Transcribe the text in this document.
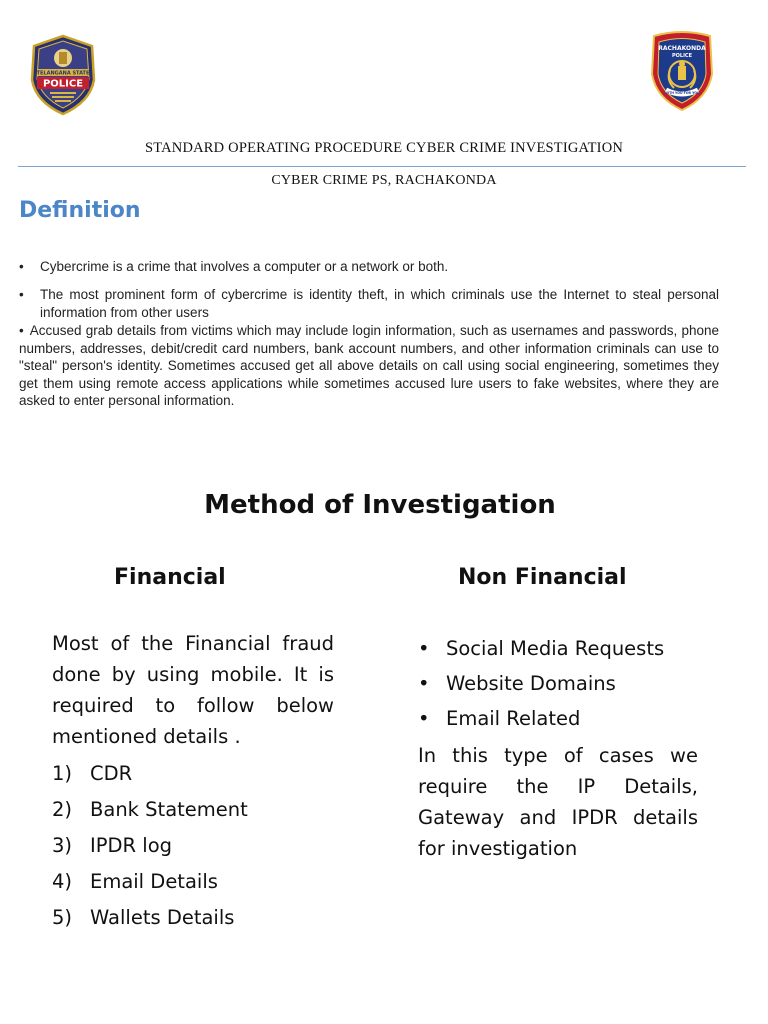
TELANGANA STATE
POLICE
RACHAKONDA
POLICE
WITH YOU FOR YOU
STANDARD OPERATING PROCEDURE CYBER CRIME INVESTIGATION
CYBER CRIME PS, RACHAKONDA
Definition
• Cybercrime is a crime that involves a computer or a network or both.
• The most prominent form of cybercrime is identity theft, in which criminals use the Internet to steal personal information from other users
• Accused grab details from victims which may include login information, such as usernames and passwords, phone numbers, addresses, debit/credit card numbers, bank account numbers, and other information criminals can use to "steal" person's identity. Sometimes accused get all above details on call using social engineering, sometimes they get them using remote access applications while sometimes accused lure users to fake websites, where they are asked to enter personal information.
Method of Investigation
Financial	Non Financial
Most of the Financial fraud done by using mobile. It is required to follow below mentioned details .
1) CDR
2) Bank Statement
3) IPDR log
4) Email Details
5) Wallets Details
• Social Media Requests
• Website Domains
• Email Related
In this type of cases we require the IP Details, Gateway and IPDR details for investigation
